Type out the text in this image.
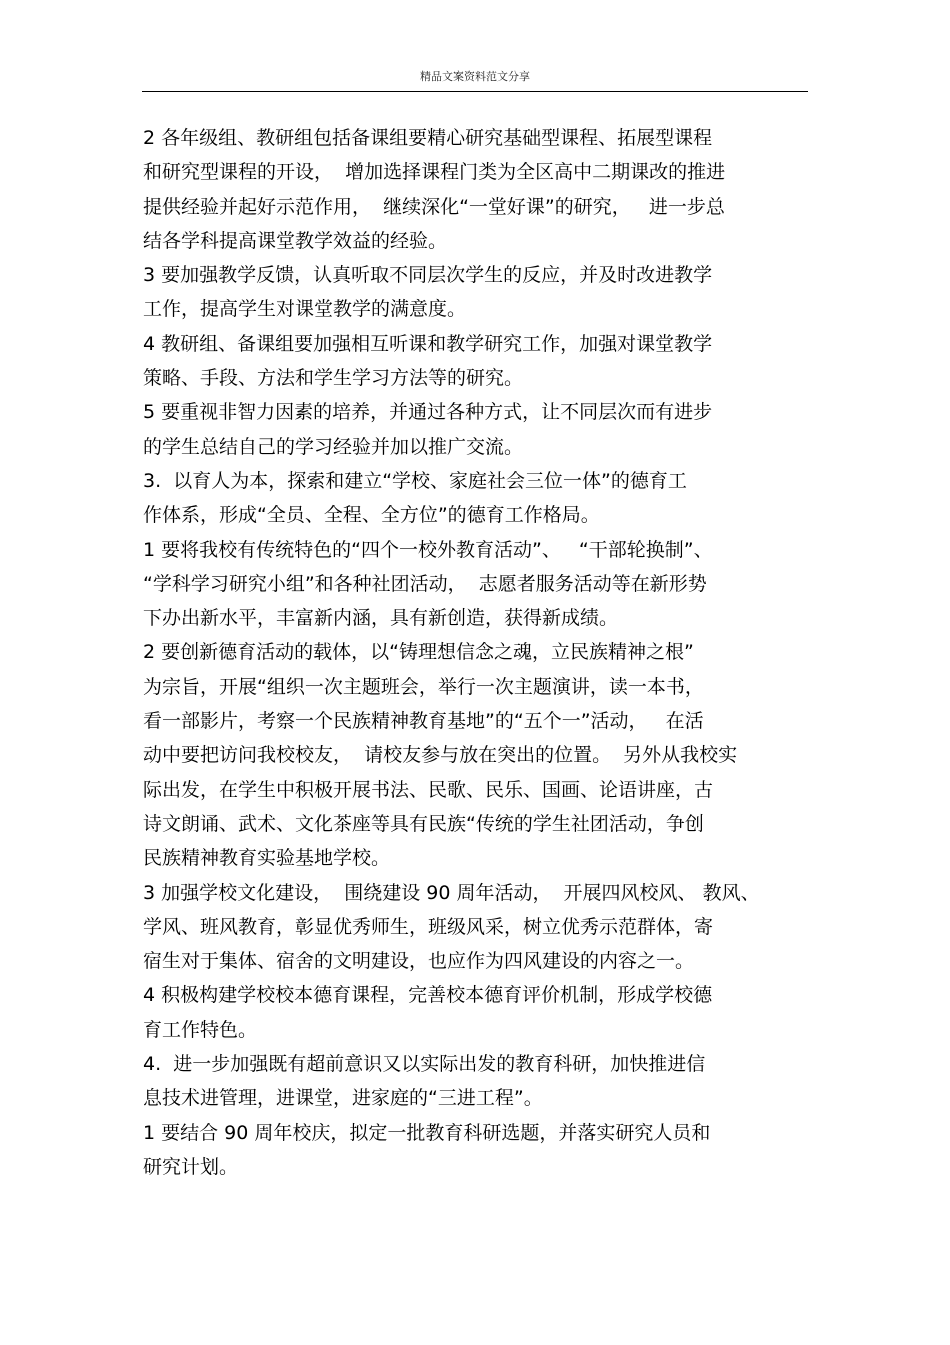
精品文案资料范文分享
2 各年级组、教研组包括备课组要精心研究基础型课程、拓展型课程
和研究型课程的开设，  增加选择课程门类为全区高中二期课改的推进
提供经验并起好示范作用，  继续深化“一堂好课”的研究，   进一步总
结各学科提高课堂教学效益的经验。
3 要加强教学反馈，认真听取不同层次学生的反应，并及时改进教学
工作，提高学生对课堂教学的满意度。
4 教研组、备课组要加强相互听课和教学研究工作，加强对课堂教学
策略、手段、方法和学生学习方法等的研究。
5 要重视非智力因素的培养，并通过各种方式，让不同层次而有进步
的学生总结自己的学习经验并加以推广交流。
3.  以育人为本，探索和建立“学校、家庭社会三位一体”的德育工
作体系，形成“全员、全程、全方位”的德育工作格局。
1 要将我校有传统特色的“四个一校外教育活动”、   “干部轮换制”、
“学科学习研究小组”和各种社团活动，  志愿者服务活动等在新形势
下办出新水平，丰富新内涵，具有新创造，获得新成绩。
2 要创新德育活动的载体，以“铸理想信念之魂，立民族精神之根”
为宗旨，开展“组织一次主题班会，举行一次主题演讲，读一本书，
看一部影片，考察一个民族精神教育基地”的“五个一”活动，   在活
动中要把访问我校校友，  请校友参与放在突出的位置。  另外从我校实
际出发，在学生中积极开展书法、民歌、民乐、国画、论语讲座，古
诗文朗诵、武术、文化茶座等具有民族“传统的学生社团活动，争创
民族精神教育实验基地学校。
3 加强学校文化建设，  围绕建设 90 周年活动，  开展四风校风、 教风、
学风、班风教育，彰显优秀师生，班级风采，树立优秀示范群体，寄
宿生对于集体、宿舍的文明建设，也应作为四风建设的内容之一。
4 积极构建学校校本德育课程，完善校本德育评价机制，形成学校德
育工作特色。
4.  进一步加强既有超前意识又以实际出发的教育科研，加快推进信
息技术进管理，进课堂，进家庭的“三进工程”。
1 要结合 90 周年校庆，拟定一批教育科研选题，并落实研究人员和
研究计划。
